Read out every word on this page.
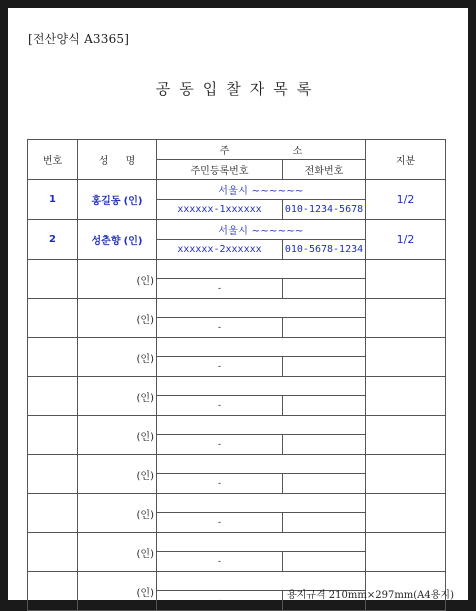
[전산양식 A3365]
공동입찰자목록
번호	성 명	주 소		지분
		주민등록번호	전화번호	
1	홍길동 (인)	서울시 ~~~~~~		1/2
		xxxxxx-1xxxxxx	010-1234-5678	
2	성춘향 (인)	서울시 ~~~~~~		1/2
		xxxxxx-2xxxxxx	010-5678-1234	
	(인)			
		-		
	(인)			
		-		
	(인)			
		-		
	(인)			
		-		
	(인)			
		-		
	(인)			
		-		
	(인)			
		-		
	(인)			
		-		
	(인)			
		-			용지규격 210mm×297mm(A4용지)
